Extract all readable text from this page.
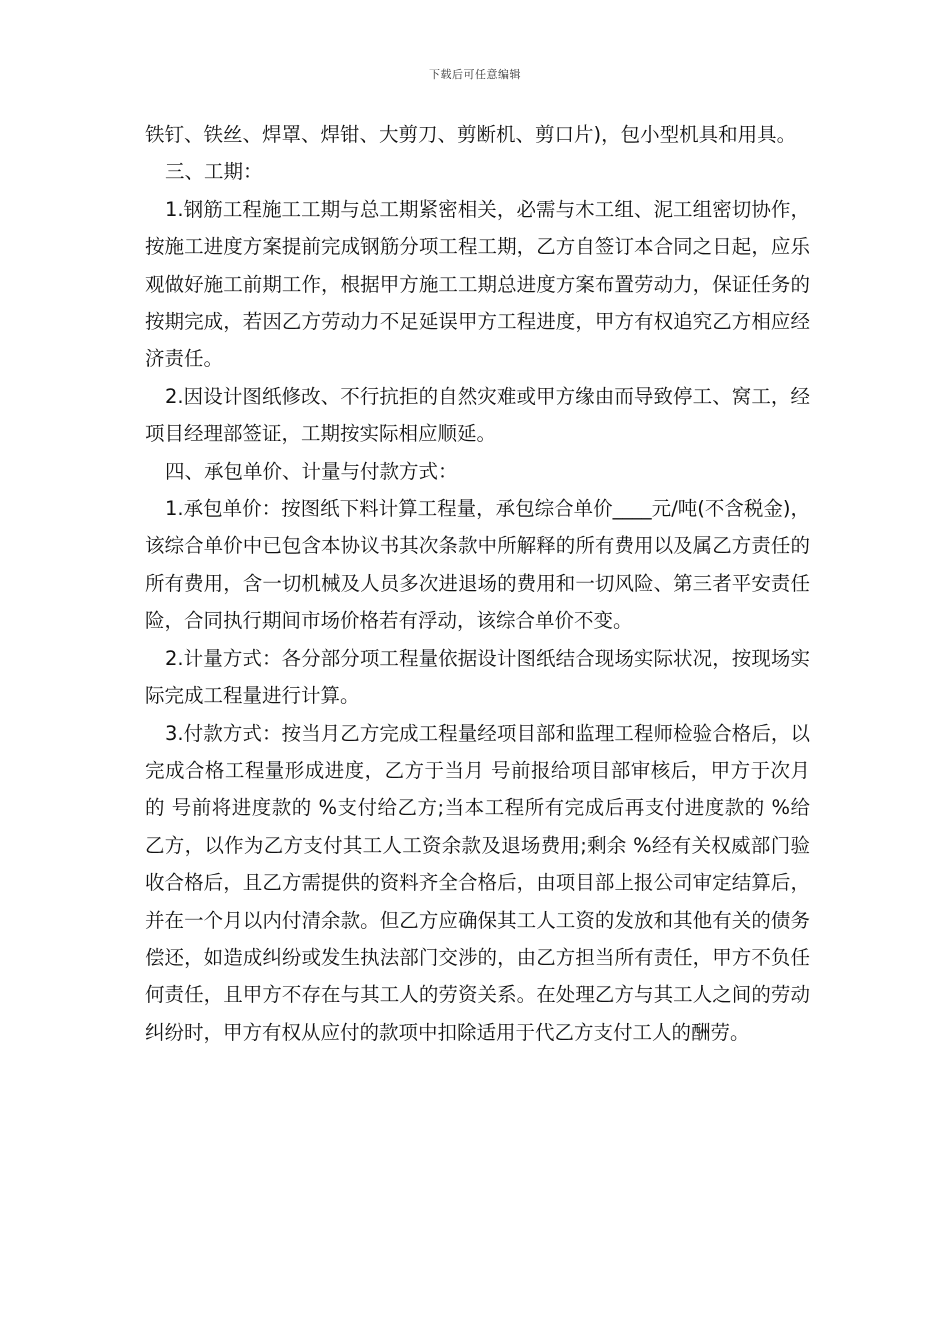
下载后可任意编辑

铁钉、铁丝、焊罩、焊钳、大剪刀、剪断机、剪口片)，包小型机具和用具。

三、工期：

1.钢筋工程施工工期与总工期紧密相关，必需与木工组、泥工组密切协作，按施工进度方案提前完成钢筋分项工程工期，乙方自签订本合同之日起，应乐观做好施工前期工作，根据甲方施工工期总进度方案布置劳动力，保证任务的按期完成，若因乙方劳动力不足延误甲方工程进度，甲方有权追究乙方相应经济责任。

2.因设计图纸修改、不行抗拒的自然灾难或甲方缘由而导致停工、窝工，经项目经理部签证，工期按实际相应顺延。

四、承包单价、计量与付款方式：

1.承包单价：按图纸下料计算工程量，承包综合单价____元/吨(不含税金)，该综合单价中已包含本协议书其次条款中所解释的所有费用以及属乙方责任的所有费用，含一切机械及人员多次进退场的费用和一切风险、第三者平安责任险，合同执行期间市场价格若有浮动，该综合单价不变。

2.计量方式：各分部分项工程量依据设计图纸结合现场实际状况，按现场实际完成工程量进行计算。

3.付款方式：按当月乙方完成工程量经项目部和监理工程师检验合格后，以完成合格工程量形成进度，乙方于当月 号前报给项目部审核后，甲方于次月的 号前将进度款的 %支付给乙方;当本工程所有完成后再支付进度款的 %给乙方，以作为乙方支付其工人工资余款及退场费用;剩余 %经有关权威部门验收合格后，且乙方需提供的资料齐全合格后，由项目部上报公司审定结算后，并在一个月以内付清余款。但乙方应确保其工人工资的发放和其他有关的债务偿还，如造成纠纷或发生执法部门交涉的，由乙方担当所有责任，甲方不负任何责任，且甲方不存在与其工人的劳资关系。在处理乙方与其工人之间的劳动纠纷时，甲方有权从应付的款项中扣除适用于代乙方支付工人的酬劳。
